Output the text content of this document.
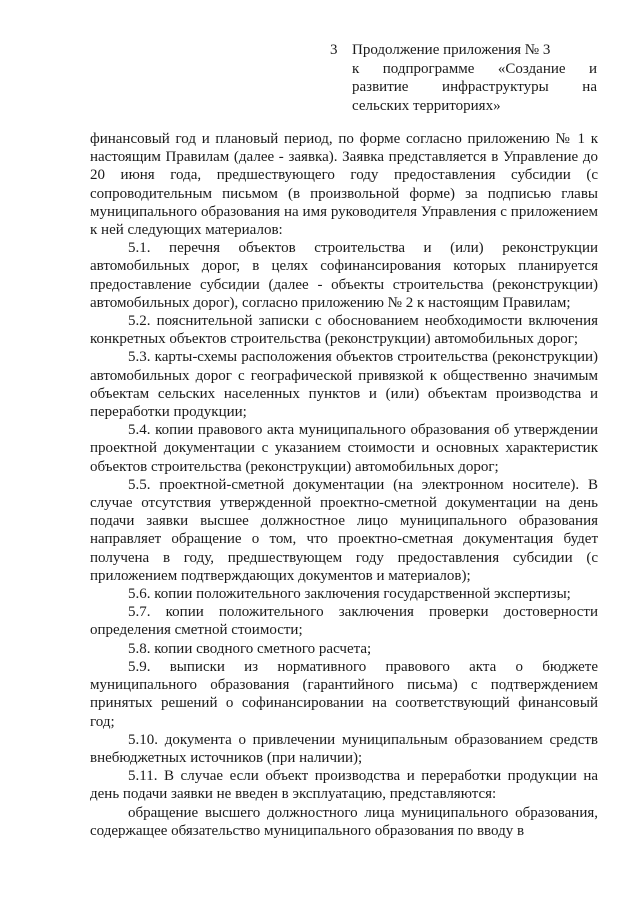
3 Продолжение приложения № 3
к подпрограмме «Создание и
развитие инфраструктуры на
сельских территориях»

финансовый год и плановый период, по форме согласно приложению № 1 к настоящим Правилам (далее - заявка). Заявка представляется в Управление до 20 июня года, предшествующего году предоставления субсидии (с сопроводительным письмом (в произвольной форме) за подписью главы муниципального образования на имя руководителя Управления с приложением к ней следующих материалов:

5.1. перечня объектов строительства и (или) реконструкции автомобильных дорог, в целях софинансирования которых планируется предоставление субсидии (далее - объекты строительства (реконструкции) автомобильных дорог), согласно приложению № 2 к настоящим Правилам;

5.2. пояснительной записки с обоснованием необходимости включения конкретных объектов строительства (реконструкции) автомобильных дорог;

5.3. карты-схемы расположения объектов строительства (реконструкции) автомобильных дорог с географической привязкой к общественно значимым объектам сельских населенных пунктов и (или) объектам производства и переработки продукции;

5.4. копии правового акта муниципального образования об утверждении проектной документации с указанием стоимости и основных характеристик объектов строительства (реконструкции) автомобильных дорог;

5.5. проектной-сметной документации (на электронном носителе). В случае отсутствия утвержденной проектно-сметной документации на день подачи заявки высшее должностное лицо муниципального образования направляет обращение о том, что проектно-сметная документация будет получена в году, предшествующем году предоставления субсидии (с приложением подтверждающих документов и материалов);

5.6. копии положительного заключения государственной экспертизы;

5.7. копии положительного заключения проверки достоверности определения сметной стоимости;

5.8. копии сводного сметного расчета;

5.9. выписки из нормативного правового акта о бюджете муниципального образования (гарантийного письма) с подтверждением принятых решений о софинансировании на соответствующий финансовый год;

5.10. документа о привлечении муниципальным образованием средств внебюджетных источников (при наличии);

5.11. В случае если объект производства и переработки продукции на день подачи заявки не введен в эксплуатацию, представляются:

обращение высшего должностного лица муниципального образования, содержащее обязательство муниципального образования по вводу в
